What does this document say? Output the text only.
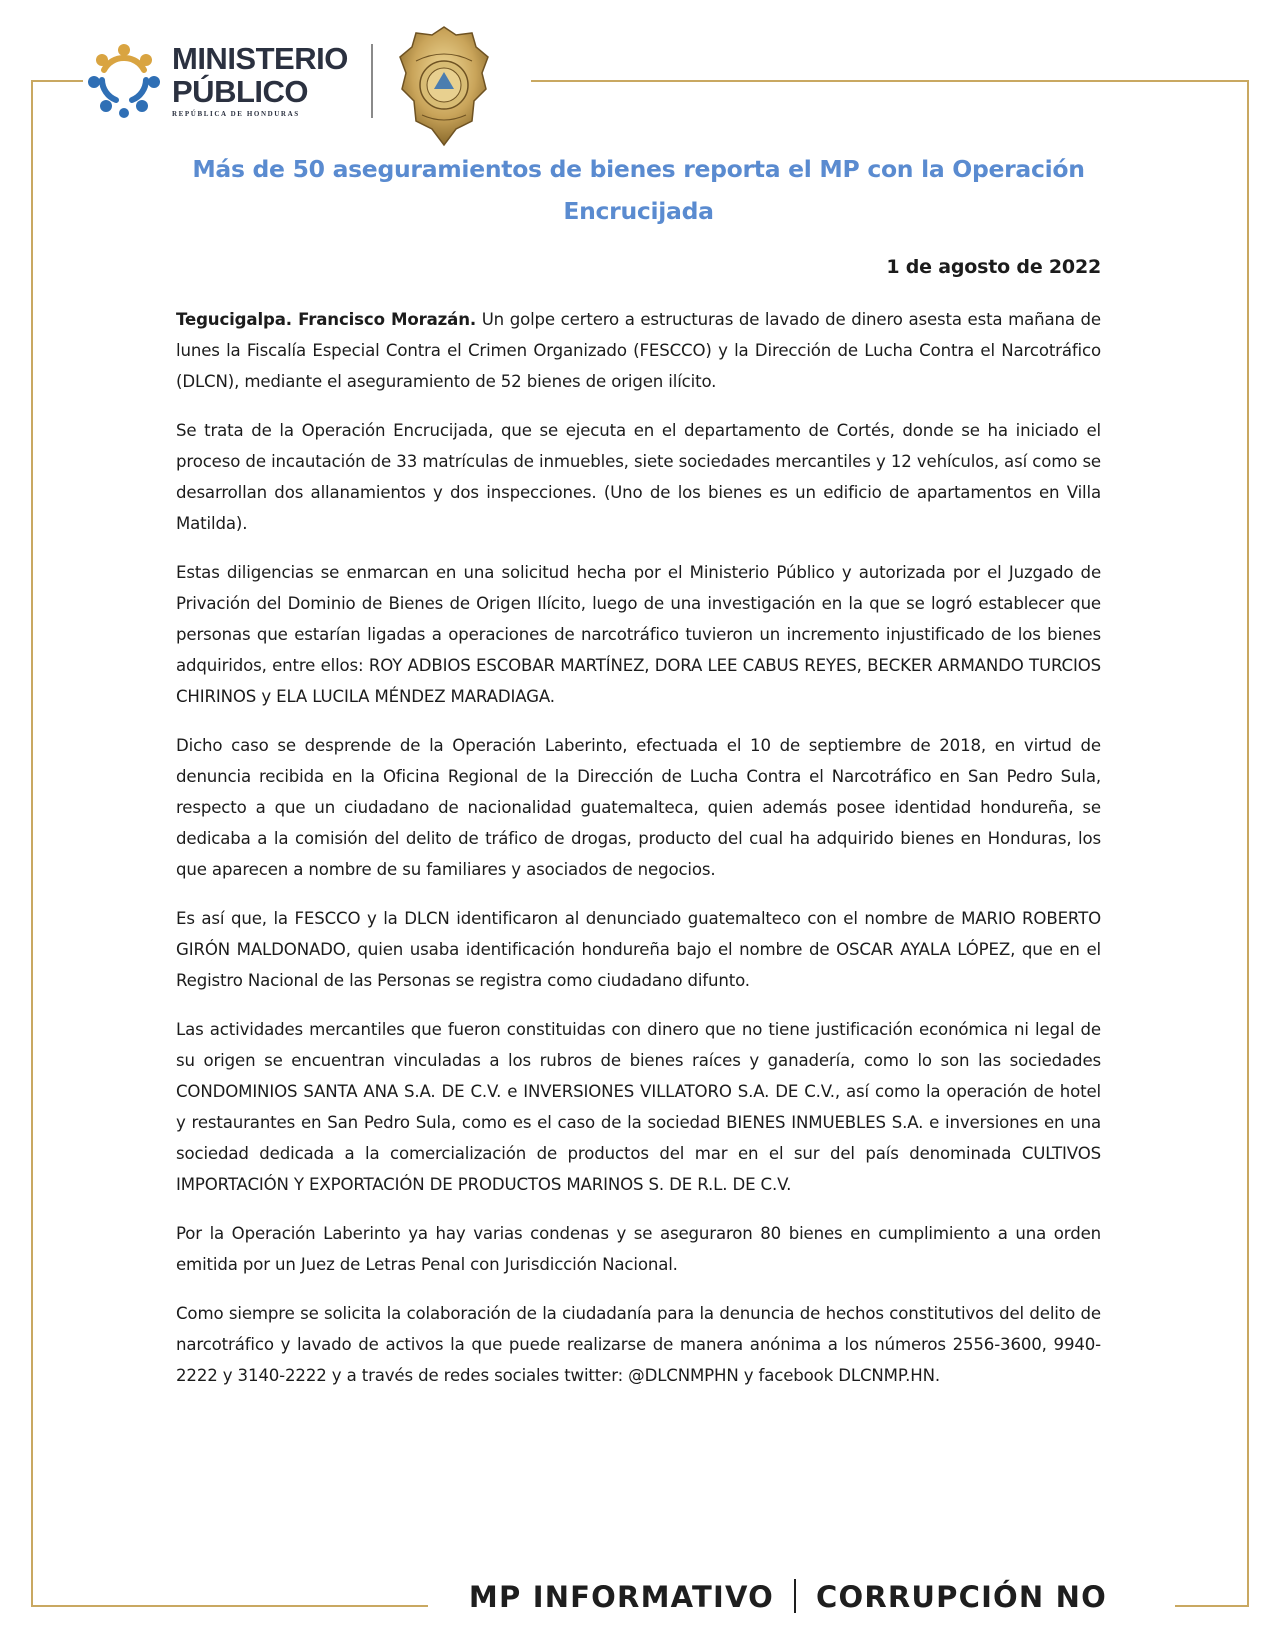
MINISTERIO
PÚBLICO
REPÚBLICA DE HONDURAS
Más de 50 aseguramientos de bienes reporta el MP con la Operación Encrucijada
1 de agosto de 2022

Tegucigalpa. Francisco Morazán. Un golpe certero a estructuras de lavado de dinero asesta esta mañana de lunes la Fiscalía Especial Contra el Crimen Organizado (FESCCO) y la Dirección de Lucha Contra el Narcotráfico (DLCN), mediante el aseguramiento de 52 bienes de origen ilícito.

Se trata de la Operación Encrucijada, que se ejecuta en el departamento de Cortés, donde se ha iniciado el proceso de incautación de 33 matrículas de inmuebles, siete sociedades mercantiles y 12 vehículos, así como se desarrollan dos allanamientos y dos inspecciones. (Uno de los bienes es un edificio de apartamentos en Villa Matilda).

Estas diligencias se enmarcan en una solicitud hecha por el Ministerio Público y autorizada por el Juzgado de Privación del Dominio de Bienes de Origen Ilícito, luego de una investigación en la que se logró establecer que personas que estarían ligadas a operaciones de narcotráfico tuvieron un incremento injustificado de los bienes adquiridos, entre ellos: ROY ADBIOS ESCOBAR MARTÍNEZ, DORA LEE CABUS REYES, BECKER ARMANDO TURCIOS CHIRINOS y ELA LUCILA MÉNDEZ MARADIAGA.

Dicho caso se desprende de la Operación Laberinto, efectuada el 10 de septiembre de 2018, en virtud de denuncia recibida en la Oficina Regional de la Dirección de Lucha Contra el Narcotráfico en San Pedro Sula, respecto a que un ciudadano de nacionalidad guatemalteca, quien además posee identidad hondureña, se dedicaba a la comisión del delito de tráfico de drogas, producto del cual ha adquirido bienes en Honduras, los que aparecen a nombre de su familiares y asociados de negocios.

Es así que, la FESCCO y la DLCN identificaron al denunciado guatemalteco con el nombre de MARIO ROBERTO GIRÓN MALDONADO, quien usaba identificación hondureña bajo el nombre de OSCAR AYALA LÓPEZ, que en el Registro Nacional de las Personas se registra como ciudadano difunto.

Las actividades mercantiles que fueron constituidas con dinero que no tiene justificación económica ni legal de su origen se encuentran vinculadas a los rubros de bienes raíces y ganadería, como lo son las sociedades CONDOMINIOS SANTA ANA S.A. DE C.V. e INVERSIONES VILLATORO S.A. DE C.V., así como la operación de hotel y restaurantes en San Pedro Sula, como es el caso de la sociedad BIENES INMUEBLES S.A. e inversiones en una sociedad dedicada a la comercialización de productos del mar en el sur del país denominada CULTIVOS IMPORTACIÓN Y EXPORTACIÓN DE PRODUCTOS MARINOS S. DE R.L. DE C.V.

Por la Operación Laberinto ya hay varias condenas y se aseguraron 80 bienes en cumplimiento a una orden emitida por un Juez de Letras Penal con Jurisdicción Nacional.

Como siempre se solicita la colaboración de la ciudadanía para la denuncia de hechos constitutivos del delito de narcotráfico y lavado de activos la que puede realizarse de manera anónima a los números 2556-3600, 9940-2222 y 3140-2222 y a través de redes sociales twitter: @DLCNMPHN y facebook DLCNMP.HN.

MP INFORMATIVO CORRUPCIÓN NO
